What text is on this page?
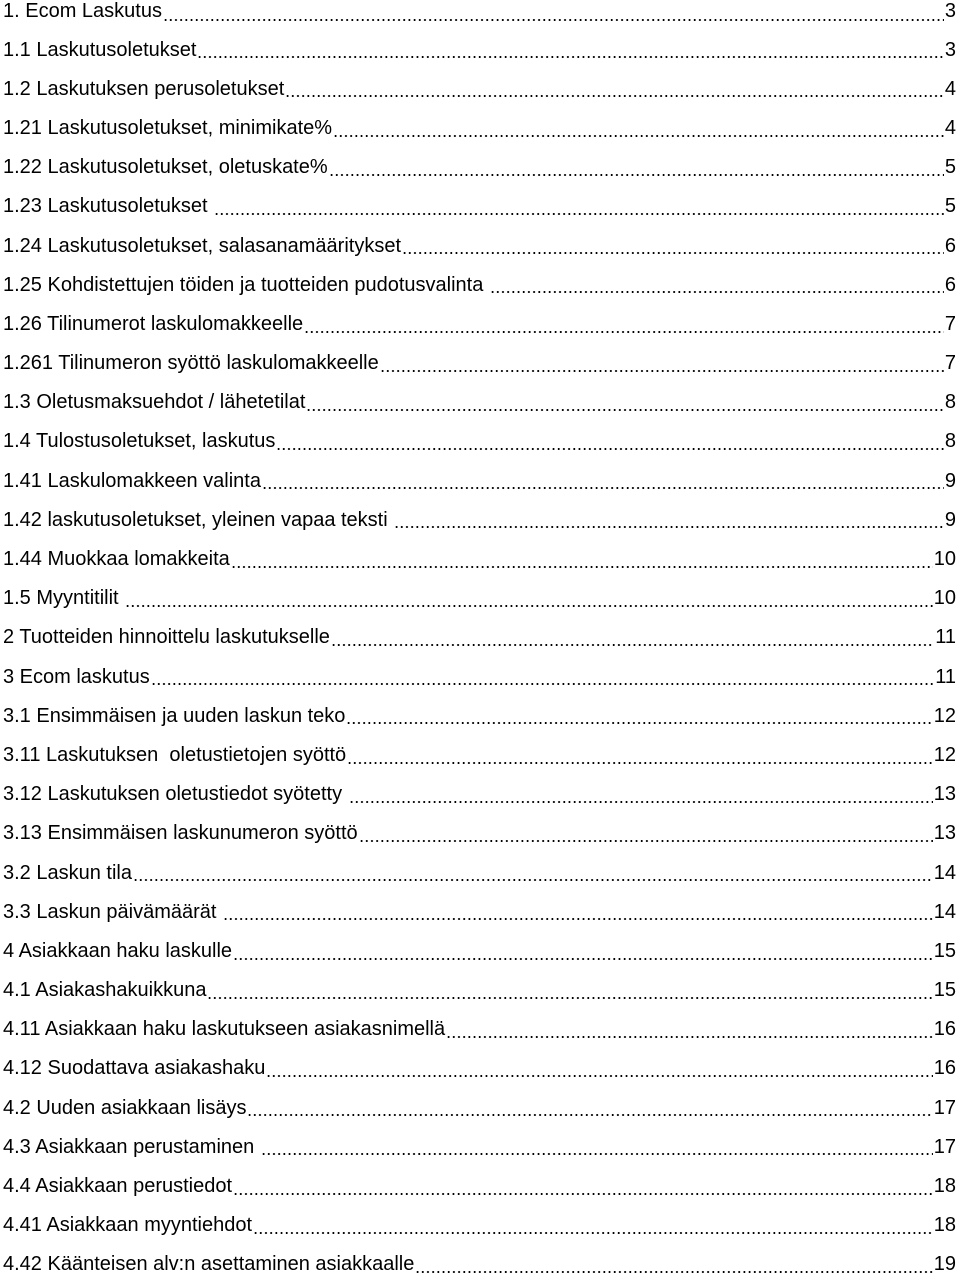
1. Ecom Laskutus	3
1.1 Laskutusoletukset	3
1.2 Laskutuksen perusoletukset	4
1.21 Laskutusoletukset, minimikate%	4
1.22 Laskutusoletukset, oletuskate%	5
1.23 Laskutusoletukset	5
1.24 Laskutusoletukset, salasanamääritykset	6
1.25 Kohdistettujen töiden ja tuotteiden pudotusvalinta	6
1.26 Tilinumerot laskulomakkeelle	7
1.261 Tilinumeron syöttö laskulomakkeelle	7
1.3 Oletusmaksuehdot / lähetetilat	8
1.4 Tulostusoletukset, laskutus	8
1.41 Laskulomakkeen valinta	9
1.42 laskutusoletukset, yleinen vapaa teksti	9
1.44 Muokkaa lomakkeita	10
1.5 Myyntitilit	10
2 Tuotteiden hinnoittelu laskutukselle	11
3 Ecom laskutus	11
3.1 Ensimmäisen ja uuden laskun teko	12
3.11 Laskutuksen  oletustietojen syöttö	12
3.12 Laskutuksen oletustiedot syötetty	13
3.13 Ensimmäisen laskunumeron syöttö	13
3.2 Laskun tila	14
3.3 Laskun päivämäärät	14
4 Asiakkaan haku laskulle	15
4.1 Asiakashakuikkuna	15
4.11 Asiakkaan haku laskutukseen asiakasnimellä	16
4.12 Suodattava asiakashaku	16
4.2 Uuden asiakkaan lisäys	17
4.3 Asiakkaan perustaminen	17
4.4 Asiakkaan perustiedot	18
4.41 Asiakkaan myyntiehdot	18
4.42 Käänteisen alv:n asettaminen asiakkaalle	19
